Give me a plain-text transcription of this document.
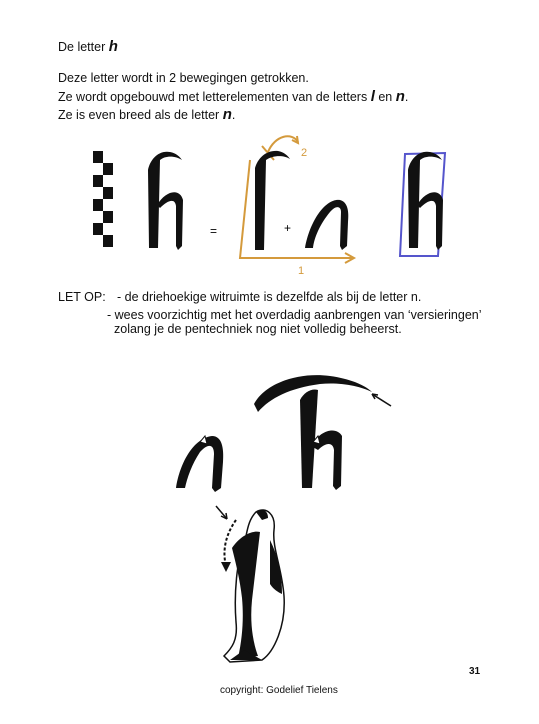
De letter h
Deze letter wordt in 2 bewegingen getrokken.
Ze wordt opgebouwd met letterelementen van de letters l en n.
Ze is even breed als de letter n.
=
1
2
+
LET OP: - de driehoekige witruimte is dezelfde als bij de letter n.
- wees voorzichtig met het overdadig aanbrengen van ‘versieringen’
zolang je de pentechniek nog niet volledig beheerst.
31
copyright: Godelief Tielens
